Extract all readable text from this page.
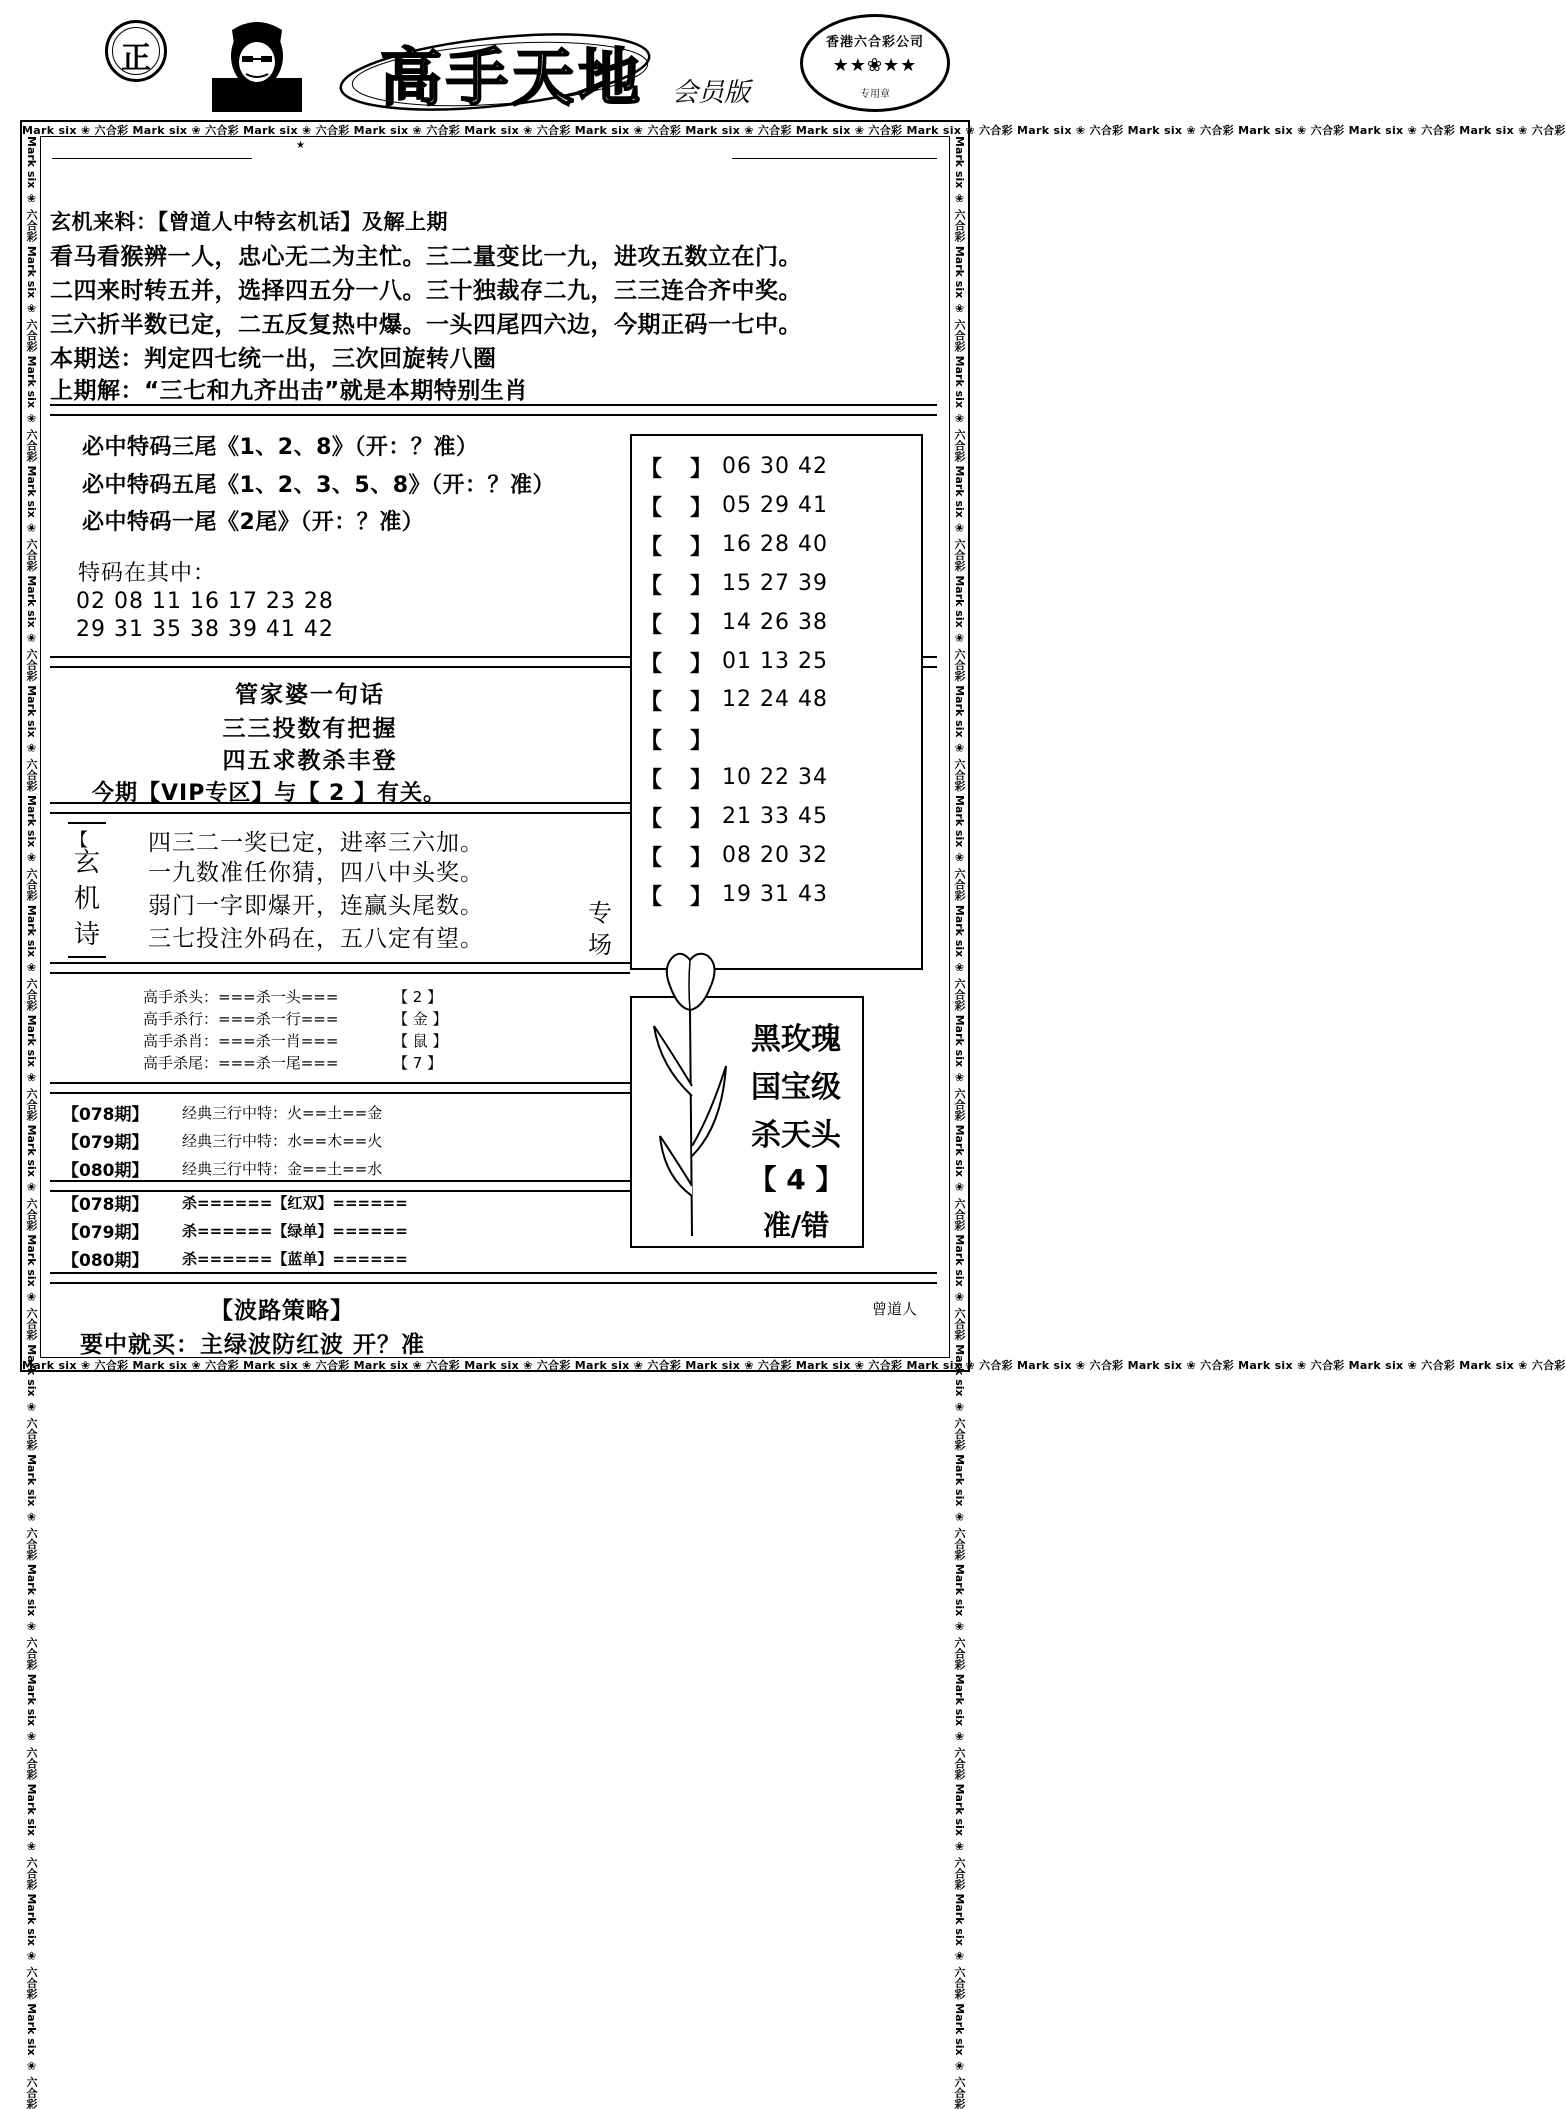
正	高手天地 会员版
香港六合彩公司
★★❀★★
专用章
Mark six ❀ 六合彩 Mark six ❀ 六合彩 Mark six ❀ 六合彩 Mark six ❀ 六合彩 Mark six ❀ 六合彩 Mark six ❀ 六合彩 Mark six ❀ 六合彩 Mark six ❀ 六合彩 Mark six ❀ 六合彩 Mark six ❀ 六合彩 Mark six ❀ 六合彩 Mark six ❀ 六合彩 Mark six ❀ 六合彩 Mark six ❀ 六合彩
Mark six ❀ 六合彩 Mark six ❀ 六合彩 Mark six ❀ 六合彩 Mark six ❀ 六合彩 Mark six ❀ 六合彩 Mark six ❀ 六合彩 Mark six ❀ 六合彩 Mark six ❀ 六合彩 Mark six ❀ 六合彩 Mark six ❀ 六合彩 Mark six ❀ 六合彩 Mark six ❀ 六合彩 Mark six ❀ 六合彩 Mark six ❀ 六合彩
Mark six ❀ 六合彩 Mark six ❀ 六合彩 Mark six ❀ 六合彩 Mark six ❀ 六合彩 Mark six ❀ 六合彩 Mark six ❀ 六合彩 Mark six ❀ 六合彩 Mark six ❀ 六合彩 Mark six ❀ 六合彩 Mark six ❀ 六合彩 Mark six ❀ 六合彩 Mark six ❀ 六合彩 Mark six ❀ 六合彩 Mark six ❀ 六合彩 Mark six ❀ 六合彩 Mark six ❀ 六合彩 Mark six ❀ 六合彩 Mark six ❀ 六合彩	Mark six ❀ 六合彩 Mark six ❀ 六合彩 Mark six ❀ 六合彩 Mark six ❀ 六合彩 Mark six ❀ 六合彩 Mark six ❀ 六合彩 Mark six ❀ 六合彩 Mark six ❀ 六合彩 Mark six ❀ 六合彩 Mark six ❀ 六合彩 Mark six ❀ 六合彩 Mark six ❀ 六合彩 Mark six ❀ 六合彩 Mark six ❀ 六合彩 Mark six ❀ 六合彩 Mark six ❀ 六合彩 Mark six ❀ 六合彩 Mark six ❀ 六合彩
★
玄机来料：【曾道人中特玄机话】及解上期
看马看猴辨一人，忠心无二为主忙。三二量变比一九，进攻五数立在门。
二四来时转五并，选择四五分一八。三十独裁存二九，三三连合齐中奖。
三六折半数已定，二五反复热中爆。一头四尾四六边，今期正码一七中。
本期送：判定四七统一出，三次回旋转八圈
上期解：“三七和九齐出击”就是本期特别生肖
必中特码三尾《1、2、8》（开：？准）
必中特码五尾《1、2、3、5、8》（开：？准）
必中特码一尾《2尾》（开：？准）
特码在其中：
02 08 11 16 17 23 28
29 31 35 38 39 41 42
【 】 06 30 42
【 】 05 29 41
【 】 16 28 40
【 】 15 27 39
【 】 14 26 38
【 】 01 13 25
【 】 12 24 48
【 】
【 】 10 22 34
【 】 21 33 45
【 】 08 20 32
【 】 19 31 43
管家婆一句话
三三投数有把握
四五求教杀丰登
今期【VIP专区】与【 2 】有关。
【
玄
机
诗
四三二一奖已定，进率三六加。
一九数准任你猜，四八中头奖。
弱门一字即爆开，连赢头尾数。
三七投注外码在，五八定有望。
专
场
高手杀头：===杀一头===	【 2 】
高手杀行：===杀一行===	【 金 】
高手杀肖：===杀一肖===	【 鼠 】
高手杀尾：===杀一尾===	【 7 】
黑玫瑰
国宝级
杀天头
【 4 】
准/错
【078期】 经典三行中特：火==土==金
【079期】 经典三行中特：水==木==火
【080期】 经典三行中特：金==土==水
【078期】 杀======【红双】======
【079期】 杀======【绿单】======
【080期】 杀======【蓝单】======
【波路策略】	曾道人
要中就买：主绿波防红波 开？准
